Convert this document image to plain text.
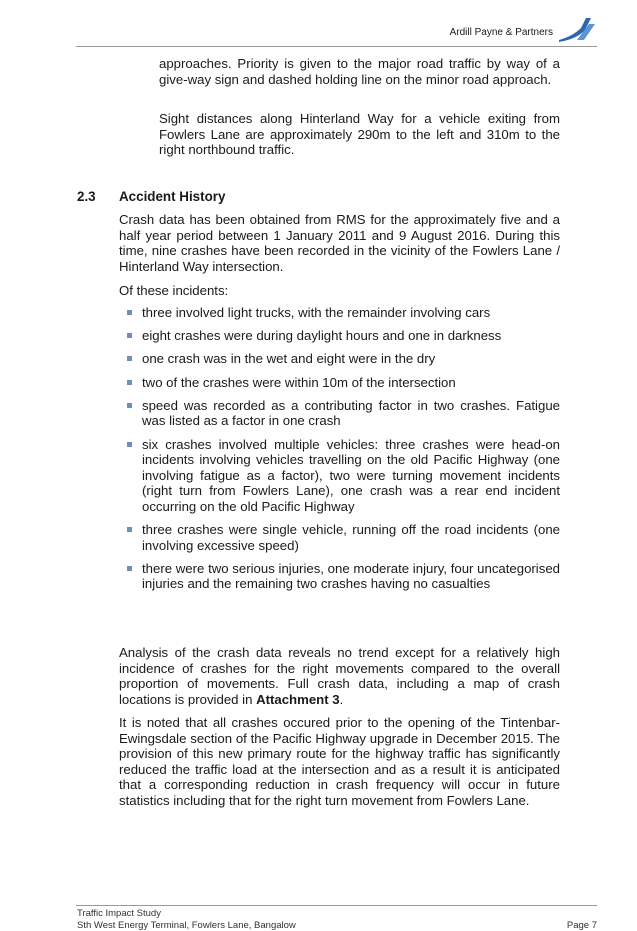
Ardill Payne & Partners

approaches. Priority is given to the major road traffic by way of a give-way sign and dashed holding line on the minor road approach.

Sight distances along Hinterland Way for a vehicle exiting from Fowlers Lane are approximately 290m to the left and 310m to the right northbound traffic.

2.3 Accident History

Crash data has been obtained from RMS for the approximately five and a half year period between 1 January 2011 and 9 August 2016. During this time, nine crashes have been recorded in the vicinity of the Fowlers Lane / Hinterland Way intersection.

Of these incidents:

three involved light trucks, with the remainder involving cars
eight crashes were during daylight hours and one in darkness
one crash was in the wet and eight were in the dry
two of the crashes were within 10m of the intersection
speed was recorded as a contributing factor in two crashes. Fatigue was listed as a factor in one crash
six crashes involved multiple vehicles: three crashes were head-on incidents involving vehicles travelling on the old Pacific Highway (one involving fatigue as a factor), two were turning movement incidents (right turn from Fowlers Lane), one crash was a rear end incident occurring on the old Pacific Highway
three crashes were single vehicle, running off the road incidents (one involving excessive speed)
there were two serious injuries, one moderate injury, four uncategorised injuries and the remaining two crashes having no casualties

Analysis of the crash data reveals no trend except for a relatively high incidence of crashes for the right movements compared to the overall proportion of movements. Full crash data, including a map of crash locations is provided in Attachment 3.

It is noted that all crashes occured prior to the opening of the Tintenbar-Ewingsdale section of the Pacific Highway upgrade in December 2015. The provision of this new primary route for the highway traffic has significantly reduced the traffic load at the intersection and as a result it is anticipated that a corresponding reduction in crash frequency will occur in future statistics including that for the right turn movement from Fowlers Lane.

Traffic Impact Study
Sth West Energy Terminal, Fowlers Lane, Bangalow	Page 7
